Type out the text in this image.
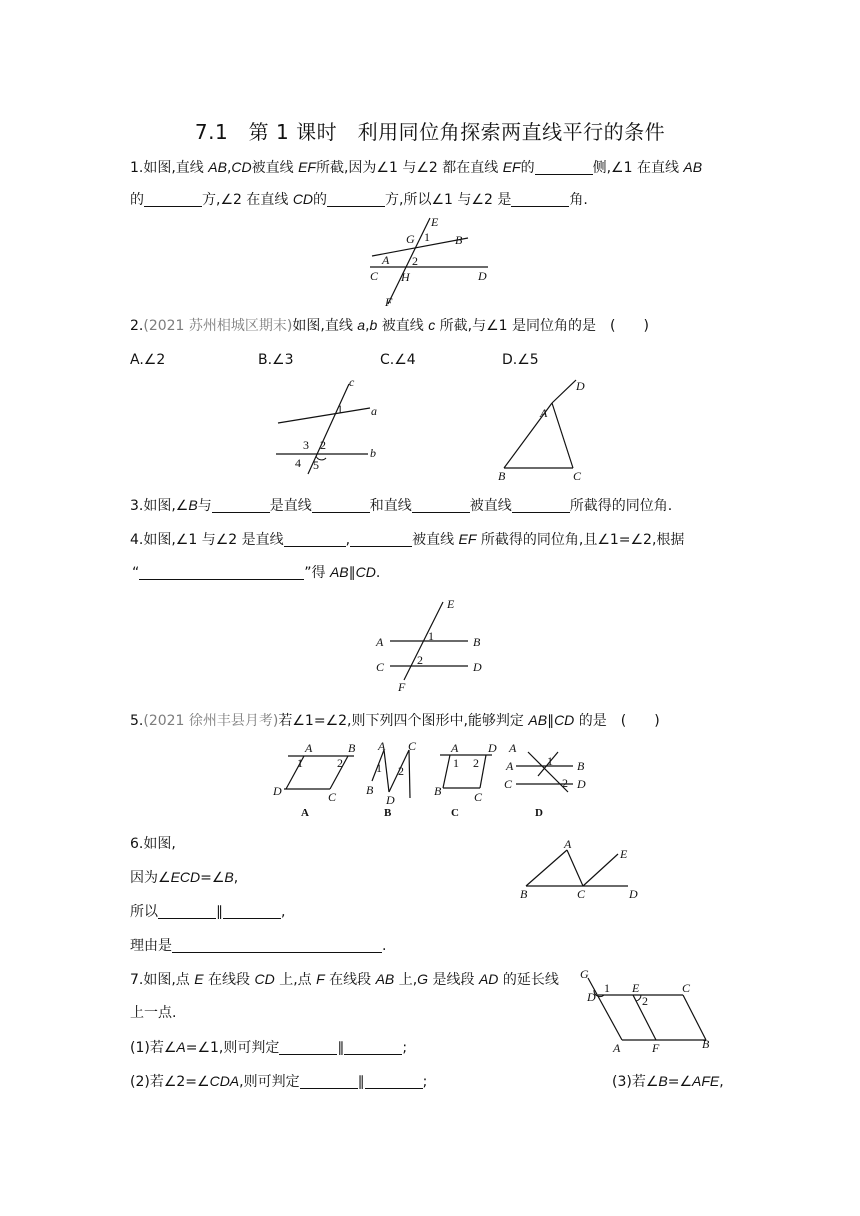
7.1　第 1 课时　利用同位角探索两直线平行的条件
1.如图,直线 AB,CD被直线 EF所截,因为∠1 与∠2 都在直线 EF的	侧,∠1 在直线 AB
的	方,∠2 在直线 CD的	方,所以∠1 与∠2 是	角.
E
G 1 B
A 2
C H	D
F
2.(2021 苏州相城区期末)如图,直线 a,b 被直线 c 所截,与∠1 是同位角的是　(　　)
A.∠2	B.∠3	C.∠4	D.∠5
c
1 a
3 2
b
4 5
D
A
B	C
3.如图,∠B与	是直线	和直线	被直线	所截得的同位角.
4.如图,∠1 与∠2 是直线	,	被直线 EF 所截得的同位角,且∠1=∠2,根据
“	”得 AB∥CD.
E
A	1	B
C	2	D
F
5.(2021 徐州丰县月考)若∠1=∠2,则下列四个图形中,能够判定 AB∥CD 的是　(　　)
A	B
1	2
D	C
A
A C
1 2
B
D
B
A D
1 2
B	C
C
A
A	B
1
C	2 D
D
6.如图,
因为∠ECD=∠B,
所以	∥	,
理由是	.
A
E
B	C	D
7.如图,点 E 在线段 CD 上,点 F 在线段 AB 上,G 是线段 AD 的延长线
上一点.
(1)若∠A=∠1,则可判定	∥	;
(2)若∠2=∠CDA,则可判定	∥	;	(3)若∠B=∠AFE,
G
1 E	C
D	2
A	F	B
